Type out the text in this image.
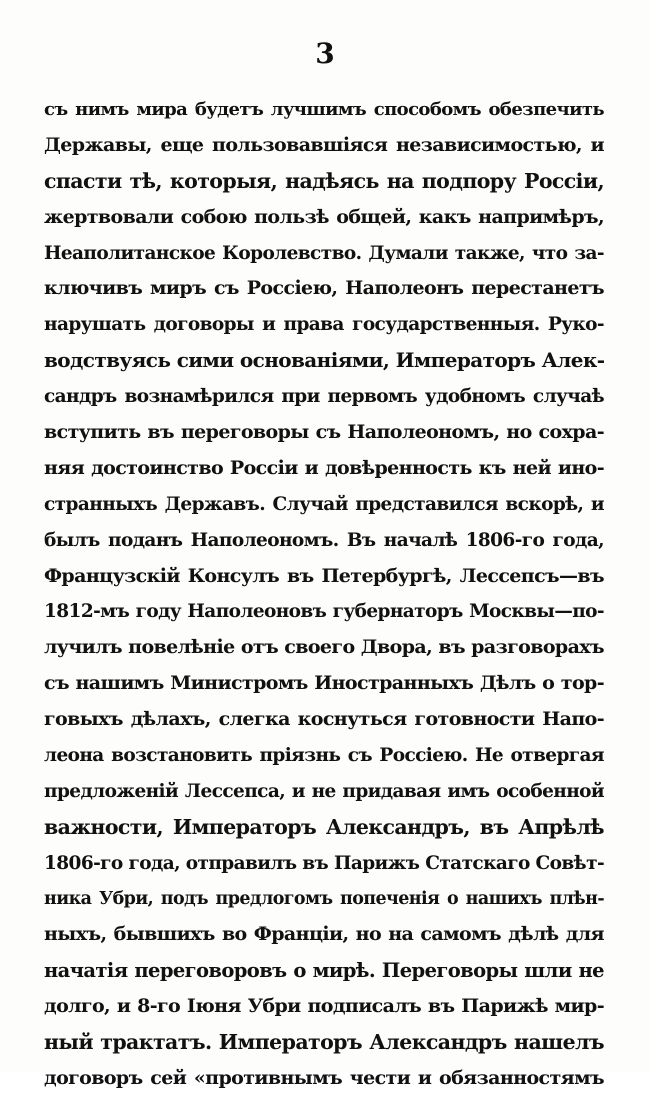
3
съ нимъ мира будетъ лучшимъ способомъ обезпечить
Державы, еще пользовавшіяся независимостью, и
спасти тѣ, которыя, надѣясь на подпору Россіи,
жертвовали собою пользѣ общей, какъ напримѣръ,
Неаполитанское Королевство. Думали также, что за-
ключивъ миръ съ Россіею, Наполеонъ перестанетъ
нарушать договоры и права государственныя. Руко-
водствуясь сими основаніями, Императоръ Алек-
сандръ вознамѣрился при первомъ удобномъ случаѣ
вступить въ переговоры съ Наполеономъ, но сохра-
няя достоинство Россіи и довѣренность къ ней ино-
странныхъ Державъ. Случай представился вскорѣ, и
былъ поданъ Наполеономъ. Въ началѣ 1806-го года,
Французскій Консулъ въ Петербургѣ, Лессепсъ—въ
1812-мъ году Наполеоновъ губернаторъ Москвы—по-
лучилъ повелѣніе отъ своего Двора, въ разговорахъ
съ нашимъ Министромъ Иностранныхъ Дѣлъ о тор-
говыхъ дѣлахъ, слегка коснуться готовности Напо-
леона возстановить пріязнь съ Россіею. Не отвергая
предложеній Лессепса, и не придавая имъ особенной
важности, Императоръ Александръ, въ Апрѣлѣ
1806-го года, отправилъ въ Парижъ Статскаго Совѣт-
ника Убри, подъ предлогомъ попеченія о нашихъ плѣн-
ныхъ, бывшихъ во Франціи, но на самомъ дѣлѣ для
начатія переговоровъ о мирѣ. Переговоры шли не
долго, и 8-го Іюня Убри подписалъ въ Парижѣ мир-
ный трактатъ. Императоръ Александръ нашелъ
договоръ сей «противнымъ чести и обязанностямъ
